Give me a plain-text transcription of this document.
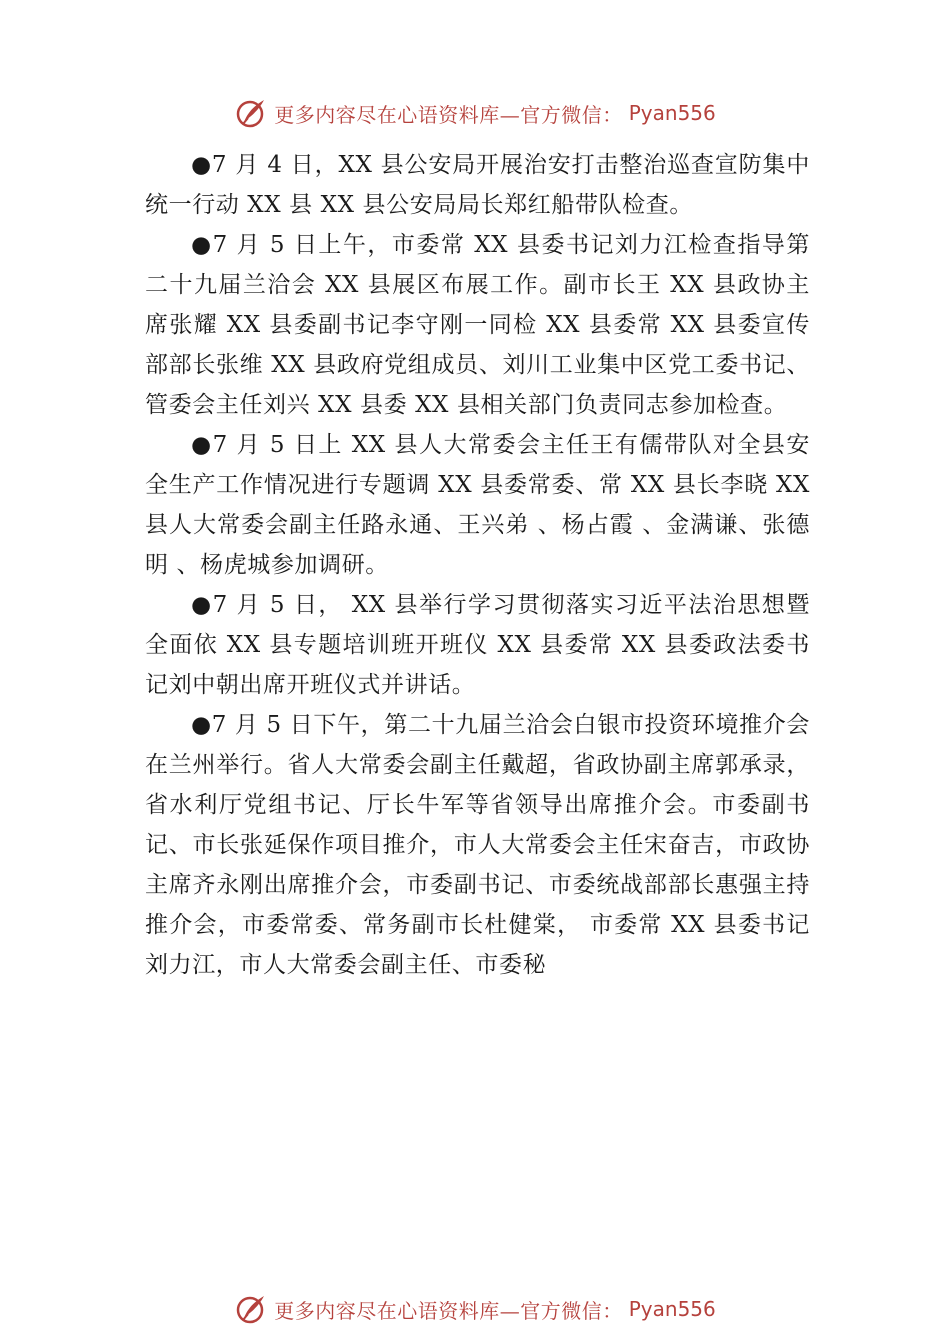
更多内容尽在心语资料库—官方微信： Pyan556

●7 月 4 日，XX 县公安局开展治安打击整治巡查宣防集中统一行动 XX 县 XX 县公安局局长郑红船带队检查。

●7 月 5 日上午，市委常 XX 县委书记刘力江检查指导第二十九届兰洽会 XX 县展区布展工作。副市长王 XX 县政协主席张耀 XX 县委副书记李守刚一同检 XX 县委常 XX 县委宣传部部长张维 XX 县政府党组成员、刘川工业集中区党工委书记、管委会主任刘兴 XX 县委 XX 县相关部门负责同志参加检查。

●7 月 5 日上 XX 县人大常委会主任王有儒带队对全县安全生产工作情况进行专题调 XX 县委常委、常 XX 县长李晓 XX 县人大常委会副主任路永通、王兴弟 、杨占霞 、金满谦、张德明 、杨虎城参加调研。

●7 月 5 日， XX 县举行学习贯彻落实习近平法治思想暨全面依 XX 县专题培训班开班仪 XX 县委常 XX 县委政法委书记刘中朝出席开班仪式并讲话。

●7 月 5 日下午，第二十九届兰洽会白银市投资环境推介会在兰州举行。省人大常委会副主任戴超，省政协副主席郭承录，省水利厅党组书记、厅长牛军等省领导出席推介会。市委副书记、市长张延保作项目推介，市人大常委会主任宋奋吉，市政协主席齐永刚出席推介会，市委副书记、市委统战部部长惠强主持推介会，市委常委、常务副市长杜健棠， 市委常 XX 县委书记刘力江，市人大常委会副主任、市委秘

更多内容尽在心语资料库—官方微信： Pyan556
